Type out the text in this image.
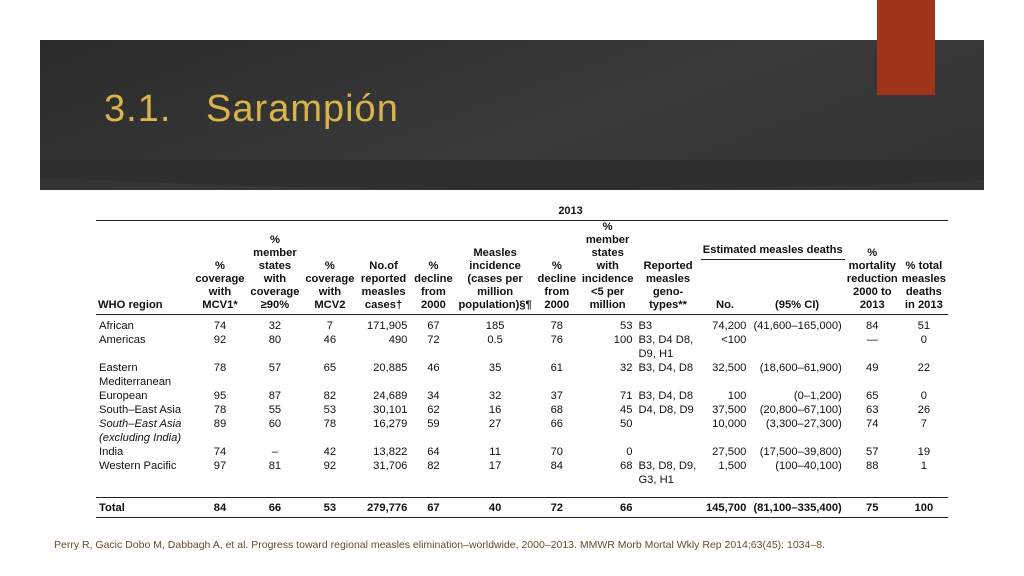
3.1.   Sarampión
	2013												
WHO region	% coverage with MCV1*	% member states with coverage ≥90%	% coverage with MCV2	No.of reported measles cases†	% decline from 2000	Measles incidence (cases per million population)§¶	% decline from 2000	% member states with incidence <5 per million	Reported measles geno-types**	Estimated measles deaths		% mortality reduction 2000 to 2013	% total measles deaths in 2013
										No.	(95% CI)		
African	74	32	7	171,905	67	185	78	53	B3	74,200	(41,600–165,000)	84	51
Americas	92	80	46	490	72	0.5	76	100	B3, D4 D8,	<100		—	0
									D9, H1				
Eastern	78	57	65	20,885	46	35	61	32	B3, D4, D8	32,500	(18,600–61,900)	49	22
Mediterranean													
European	95	87	82	24,689	34	32	37	71	B3, D4, D8	100	(0–1,200)	65	0
South–East Asia	78	55	53	30,101	62	16	68	45	D4, D8, D9	37,500	(20,800–67,100)	63	26
South–East Asia	89	60	78	16,279	59	27	66	50		10,000	(3,300–27,300)	74	7
(excluding India)													
India	74	–	42	13,822	64	11	70	0		27,500	(17,500–39,800)	57	19
Western Pacific	97	81	92	31,706	82	17	84	68	B3, D8, D9,	1,500	(100–40,100)	88	1
									G3, H1				

Total	84	66	53	279,776	67	40	72	66		145,700	(81,100–335,400)	75	100
Perry R, Gacic Dobo M, Dabbagh A, et al. Progress toward regional measles elimination–worldwide, 2000–2013. MMWR Morb Mortal Wkly Rep 2014;63(45): 1034–8.
